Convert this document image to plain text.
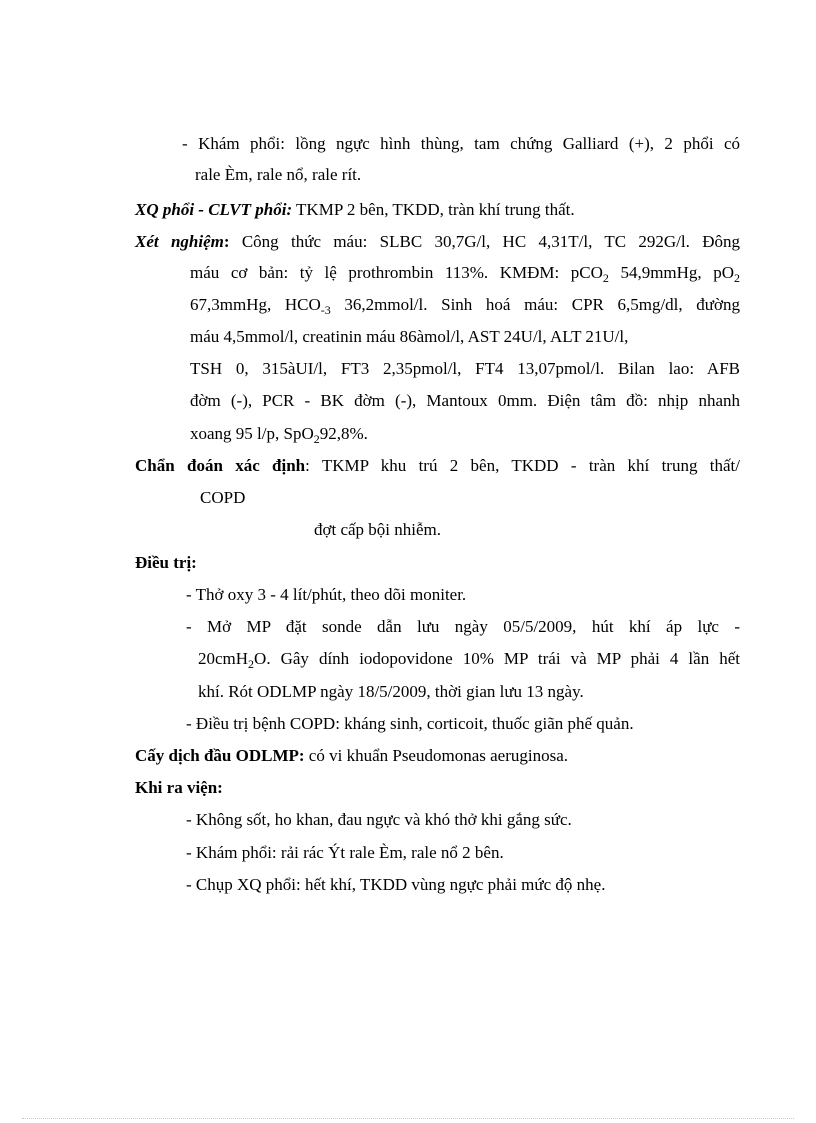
- Khám phổi: lồng ngực hình thùng, tam chứng Galliard (+), 2 phổi có
rale Èm, rale nổ, rale rít.
XQ phổi - CLVT phổi: TKMP 2 bên, TKDD, tràn khí trung thất.
Xét nghiệm: Công thức máu: SLBC 30,7G/l, HC 4,31T/l, TC 292G/l. Đông
máu cơ bản: tỷ lệ prothrombin 113%. KMĐM: pCO$_2$ 54,9mmHg, $pO_2$
67,3mmHg, $HCO_{-3}$ 36,2mmol/l. Sinh hoá máu: CPR 6,5mg/dl, đường
máu 4,5mmol/l, creatinin máu 86àmol/l, AST 24U/l, ALT 21U/l,
TSH 0, 315àUI/l, FT3 2,35pmol/l, FT4 13,07pmol/l. Bilan lao: AFB
đờm (-), PCR - BK đờm (-), Mantoux 0mm. Điện tâm đồ: nhịp nhanh
xoang 95 l/p, SpO$_2$92,8%.
Chẩn đoán xác định: TKMP khu trú 2 bên, TKDD - tràn khí trung thất/
COPD
đợt cấp bội nhiễm.
Điều trị:
- Thở oxy 3 - 4 lít/phút, theo dõi moniter.
- Mở MP đặt sonde dẫn lưu ngày 05/5/2009, hút khí áp lực -
20cmH$_2$O. Gây dính iodopovidone 10% MP trái và MP phải 4 lần hết
khí. Rót ODLMP ngày 18/5/2009, thời gian lưu 13 ngày.
- Điều trị bệnh COPD: kháng sinh, corticoit, thuốc giãn phế quản.
Cấy dịch đầu ODLMP: có vi khuẩn Pseudomonas aeruginosa.
Khi ra viện:
- Không sốt, ho khan, đau ngực và khó thở khi gắng sức.
- Khám phổi: rải rác Ýt rale Èm, rale nổ 2 bên.
- Chụp XQ phổi: hết khí, TKDD vùng ngực phải mức độ nhẹ.
